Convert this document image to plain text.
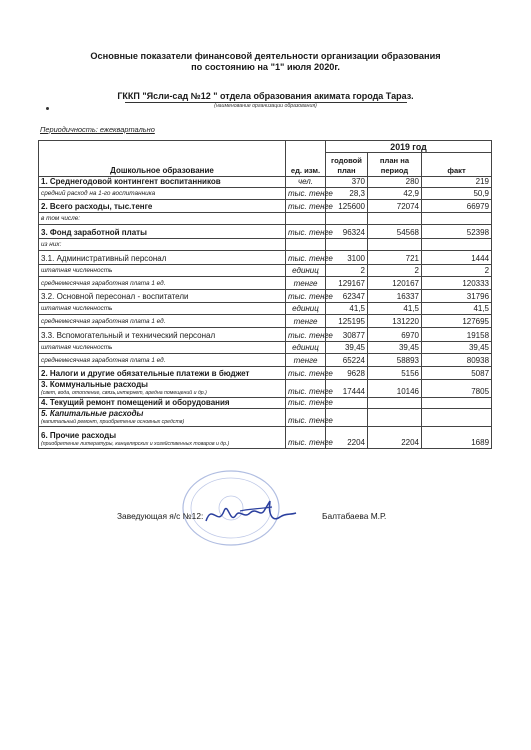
Основные показатели финансовой деятельности организации образования
по состоянию на "1" июля 2020г.
ГККП "Ясли-сад №12 " отдела образования акимата города Тараз.
(наименование организации образования)
Периодичность: ежеквартально
Дошкольное образование	ед. изм.	2019 год		
		годовой план	план на период	факт
1. Среднегодовой контингент воспитанников	чел.	370	280	219
средний расход на 1-го воспитанника	тыс. тенге	28,3	42,9	50,9
2. Всего расходы, тыс.тенге	тыс. тенге	125600	72074	66979
в том числе:				
3. Фонд заработной платы	тыс. тенге	96324	54568	52398
из них:				
3.1. Административный персонал	тыс. тенге	3100	721	1444
штатная численность	единиц	2	2	2
среднемесячная заработная плата 1 ед.	тенге	129167	120167	120333
3.2. Основной пересонал - воспитатели	тыс. тенге	62347	16337	31796
штатная численность	единиц	41,5	41,5	41,5
среднемесячная заработная плата 1 ед.	тенге	125195	131220	127695
3.3. Вспомогательный и технический персонал	тыс. тенге	30877	6970	19158
штатная численность	единиц	39,45	39,45	39,45
среднемесячная заработная плата 1 ед.	тенге	65224	58893	80938
2. Налоги и другие обязательные платежи в бюджет	тыс. тенге	9628	5156	5087
3. Коммунальные расходы
(свет, вода, отопление, связь,интернет, аредна помещений и др.)	тыс. тенге	17444	10146	7805
4. Текущий ремонт помещений и оборудования	тыс. тенге			
5. Капитальные расходы
(капитальный ремонт, приобретение основных средств)	тыс. тенге			
6. Прочие расходы
(приобретение литературы, канцелярских и хозяйственных товаров и др.)	тыс. тенге	2204	2204	1689
Заведующая я/с №12:	Балтабаева М.Р.
